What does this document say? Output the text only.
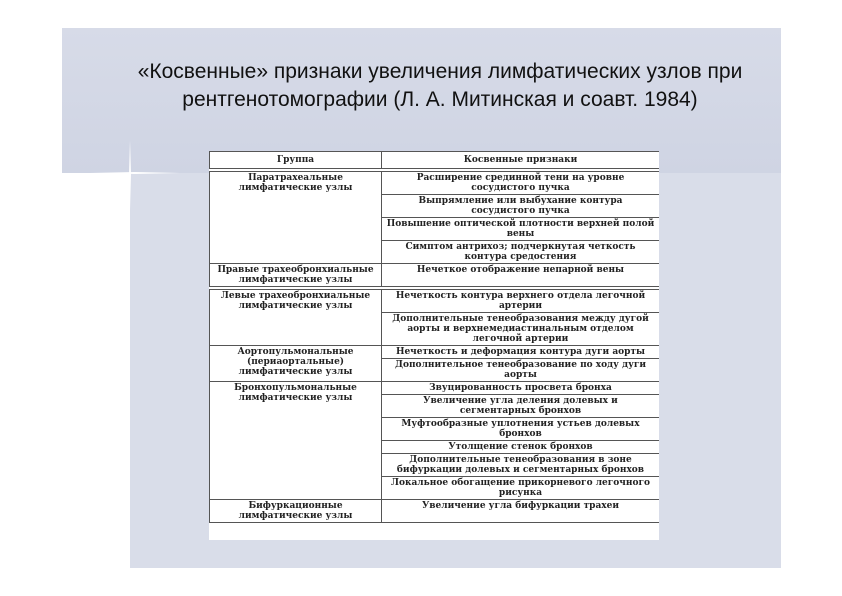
«Косвенные» признаки увеличения лимфатических узлов при рентгенотомографии (Л. А. Митинская и соавт. 1984)
Группа	Косвенные признаки

Паратрахеальные лимфатические узлы	Расширение срединной тени на уровне сосудистого пучка
	Выпрямление или выбухание контура сосудистого пучка
	Повышение оптической плотности верхней полой вены
	Симптом антрихоз; подчеркнутая четкость контура средостения
Правые трахеобронхиальные лимфатические узлы	Нечеткое отображение непарной вены

Левые трахеобронхиальные лимфатические узлы	Нечеткость контура верхнего отдела легочной артерии
	Дополнительные тенеобразования между дугой аорты и верхнемедиастинальным отделом легочной артерии
Аортопульмональные (периаортальные) лимфатические узлы	Нечеткость и деформация контура дуги аорты
	Дополнительное тенеобразование по ходу дуги аорты
Бронхопульмональные лимфатические узлы	Звуцированность просвета бронха
	Увеличение угла деления долевых и сегментарных бронхов
	Муфтообразные уплотнения устьев долевых бронхов
	Утолщение стенок бронхов
	Дополнительные тенеобразования в зоне бифуркации долевых и сегментарных бронхов
	Локальное обогащение прикорневого легочного рисунка
Бифуркационные лимфатические узлы	Увеличение угла бифуркации трахеи
